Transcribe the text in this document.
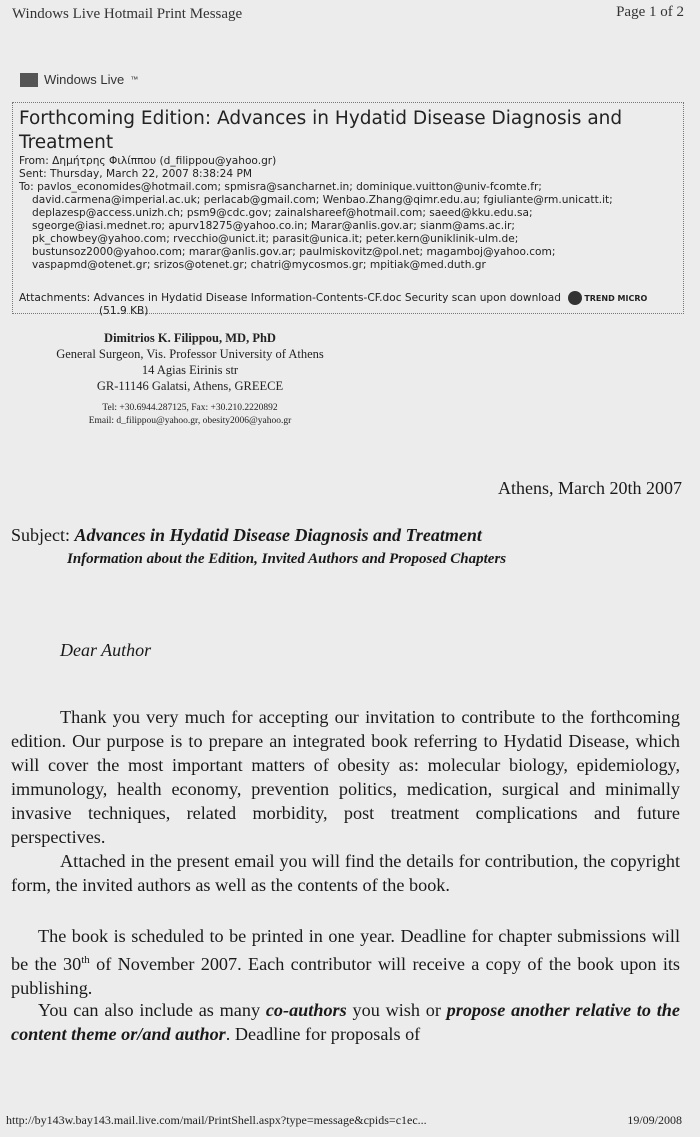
Windows Live Hotmail Print Message	Page 1 of 2
Windows Live ™
Forthcoming Edition: Advances in Hydatid Disease Diagnosis and Treatment
From: Δημήτρης Φιλίππου (d_filippou@yahoo.gr)
Sent: Thursday, March 22, 2007 8:38:24 PM
To: pavlos_economides@hotmail.com; spmisra@sancharnet.in; dominique.vuitton@univ-fcomte.fr;
david.carmena@imperial.ac.uk; perlacab@gmail.com; Wenbao.Zhang@qimr.edu.au; fgiuliante@rm.unicatt.it;
deplazesp@access.unizh.ch; psm9@cdc.gov; zainalshareef@hotmail.com; saeed@kku.edu.sa;
sgeorge@iasi.mednet.ro; apurv18275@yahoo.co.in; Marar@anlis.gov.ar; sianm@ams.ac.ir;
pk_chowbey@yahoo.com; rvecchio@unict.it; parasit@unica.it; peter.kern@uniklinik-ulm.de;
bustunsoz2000@yahoo.com; marar@anlis.gov.ar; paulmiskovitz@pol.net; magamboj@yahoo.com;
vaspapmd@otenet.gr; srizos@otenet.gr; chatri@mycosmos.gr; mpitiak@med.duth.gr
Attachments: Advances in Hydatid Disease Information-Contents-CF.doc Security scan upon download	TREND MICRO
(51.9 KB)
Dimitrios K. Filippou, MD, PhD
General Surgeon, Vis. Professor University of Athens
14 Agias Eirinis str
GR-11146 Galatsi, Athens, GREECE
Tel: +30.6944.287125, Fax: +30.210.2220892
Email: d_filippou@yahoo.gr, obesity2006@yahoo.gr
Athens, March 20th 2007
Subject: Advances in Hydatid Disease Diagnosis and Treatment
Information about the Edition, Invited Authors and Proposed Chapters
Dear Author
Thank you very much for accepting our invitation to contribute to the forthcoming edition. Our purpose is to prepare an integrated book referring to Hydatid Disease, which will cover the most important matters of obesity as: molecular biology, epidemiology, immunology, health economy, prevention politics, medication, surgical and minimally invasive techniques, related morbidity, post treatment complications and future perspectives.
Attached in the present email you will find the details for contribution, the copyright form, the invited authors as well as the contents of the book.
The book is scheduled to be printed in one year. Deadline for chapter submissions will be the 30th of November 2007. Each contributor will receive a copy of the book upon its publishing.
You can also include as many co-authors you wish or propose another relative to the content theme or/and author. Deadline for proposals of
http://by143w.bay143.mail.live.com/mail/PrintShell.aspx?type=message&cpids=c1ec...	19/09/2008
